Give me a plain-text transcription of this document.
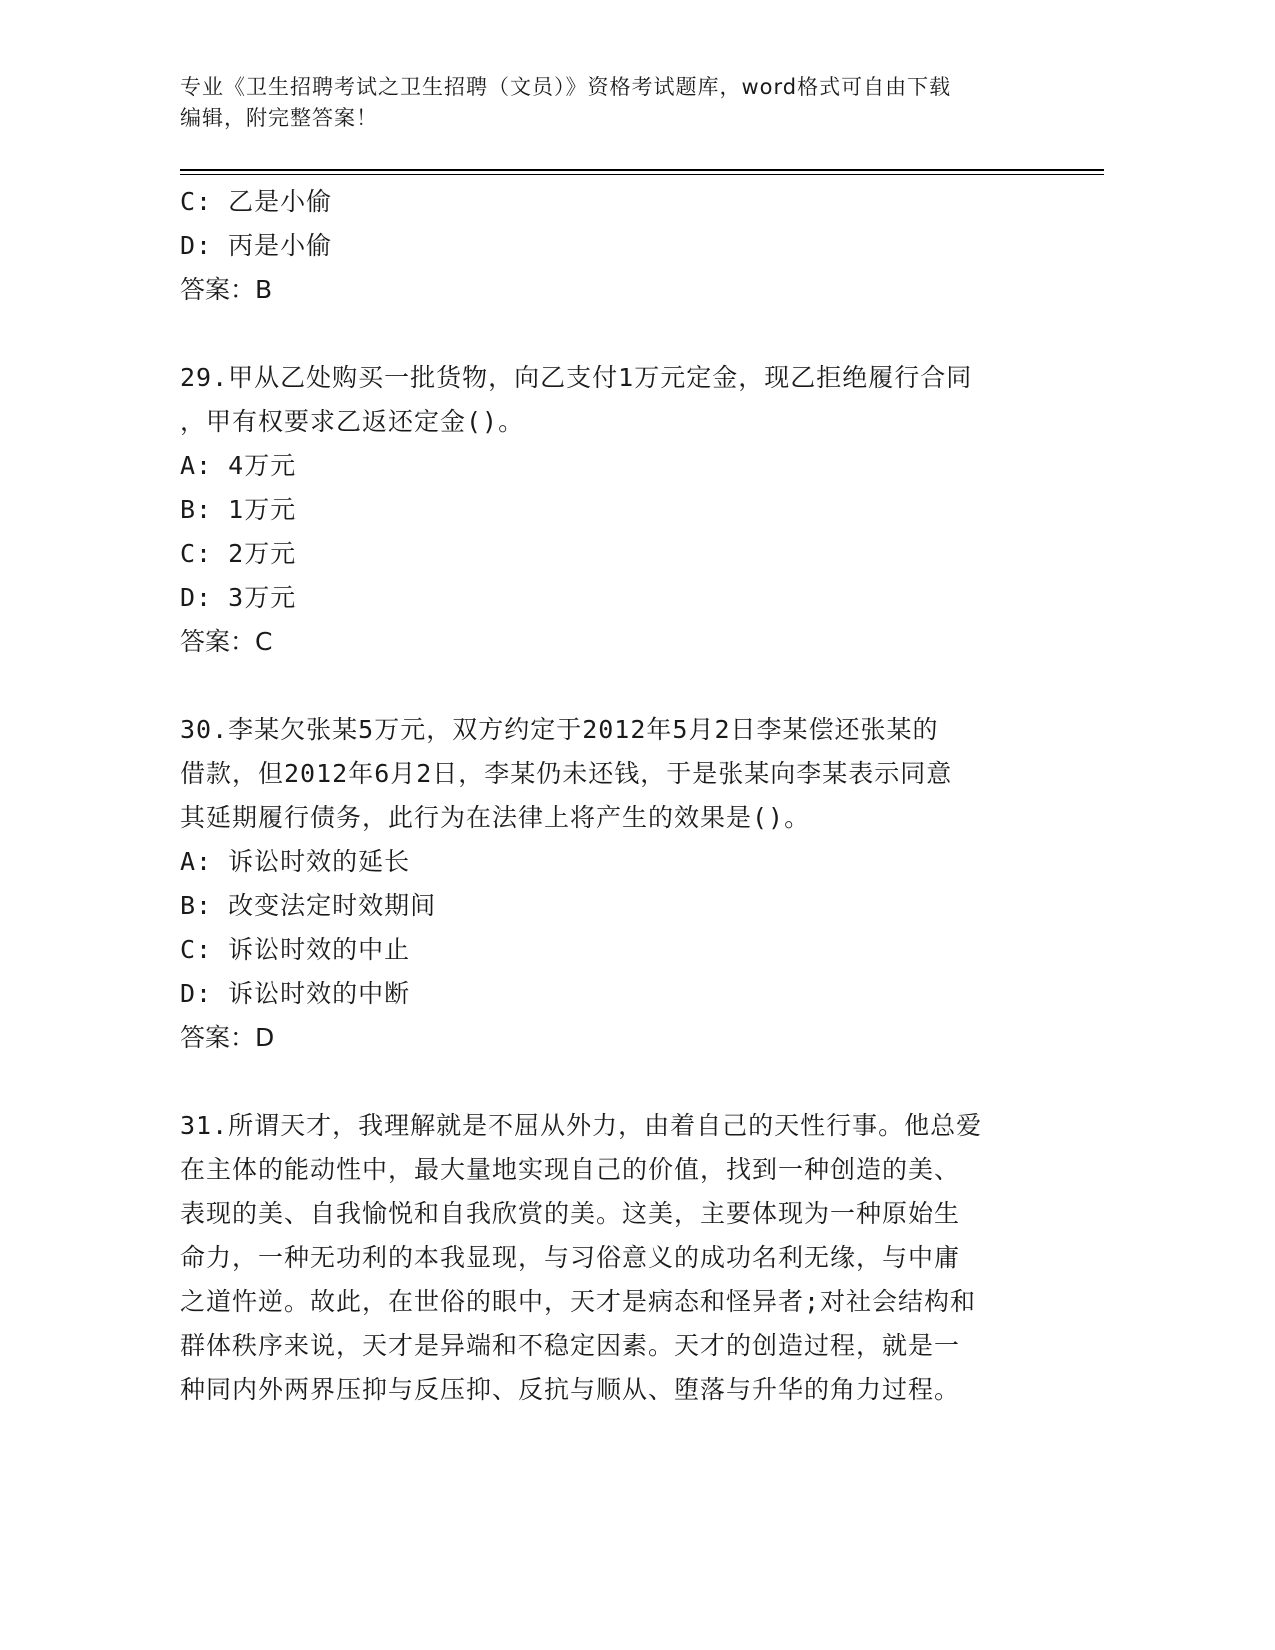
专业《卫生招聘考试之卫生招聘（文员）》资格考试题库，word格式可自由下载
编辑，附完整答案！
C: 乙是小偷
D: 丙是小偷
答案：B
29.甲从乙处购买一批货物，向乙支付1万元定金，现乙拒绝履行合同
，甲有权要求乙返还定金()。
A: 4万元
B: 1万元
C: 2万元
D: 3万元
答案：C
30.李某欠张某5万元，双方约定于2012年5月2日李某偿还张某的
借款，但2012年6月2日，李某仍未还钱，于是张某向李某表示同意
其延期履行债务，此行为在法律上将产生的效果是()。
A: 诉讼时效的延长
B: 改变法定时效期间
C: 诉讼时效的中止
D: 诉讼时效的中断
答案：D
31.所谓天才，我理解就是不屈从外力，由着自己的天性行事。他总爱
在主体的能动性中，最大量地实现自己的价值，找到一种创造的美、
表现的美、自我愉悦和自我欣赏的美。这美，主要体现为一种原始生
命力，一种无功利的本我显现，与习俗意义的成功名利无缘，与中庸
之道忤逆。故此，在世俗的眼中，天才是病态和怪异者;对社会结构和
群体秩序来说，天才是异端和不稳定因素。天才的创造过程，就是一
种同内外两界压抑与反压抑、反抗与顺从、堕落与升华的角力过程。
